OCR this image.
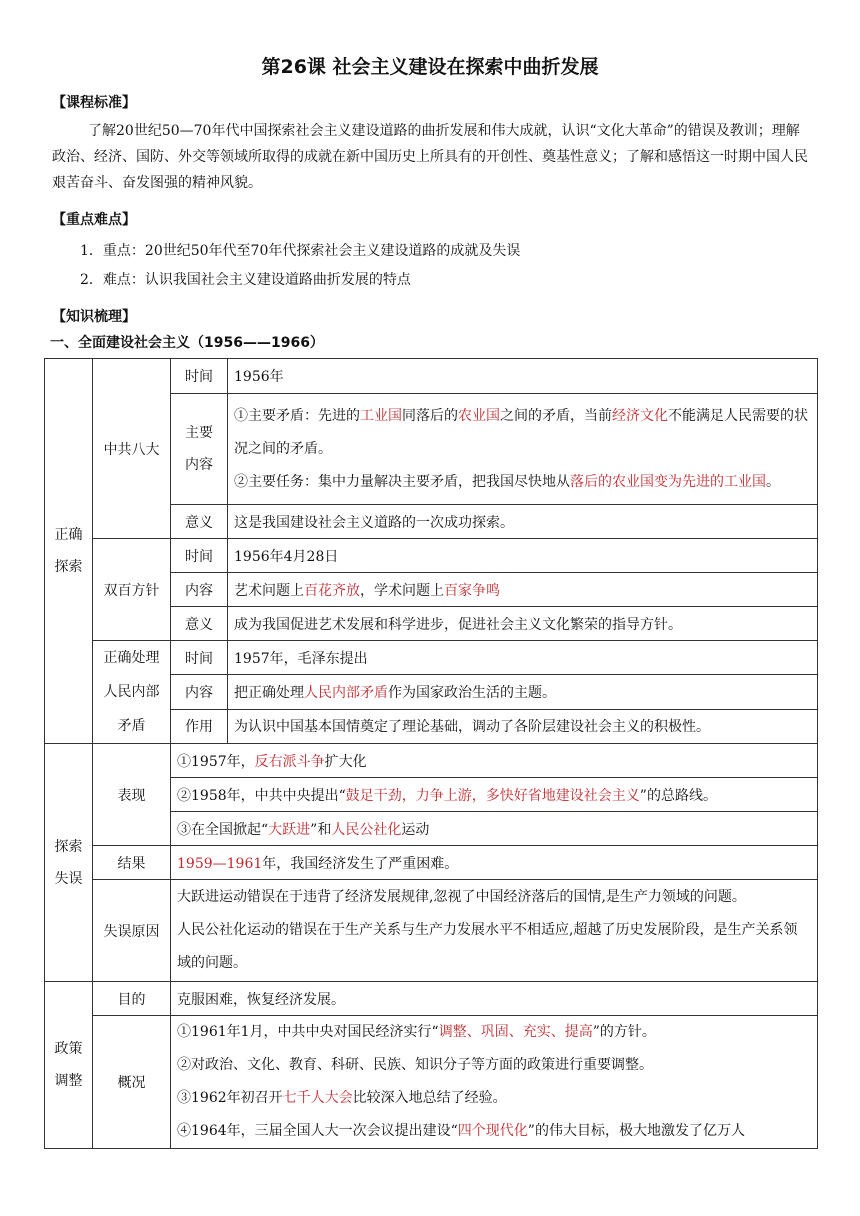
第26课 社会主义建设在探索中曲折发展
【课程标准】
了解20世纪50—70年代中国探索社会主义建设道路的曲折发展和伟大成就，认识“文化大革命”的错误及教训；理解政治、经济、国防、外交等领域所取得的成就在新中国历史上所具有的开创性、奠基性意义；了解和感悟这一时期中国人民艰苦奋斗、奋发图强的精神风貌。
【重点难点】
1．重点：20世纪50年代至70年代探索社会主义建设道路的成就及失误
2．难点：认识我国社会主义建设道路曲折发展的特点
【知识梳理】
一、全面建设社会主义（1956——1966）
正确探索	中共八大	时间	1956年
		主要内容	①主要矛盾：先进的工业国同落后的农业国之间的矛盾，当前经济文化不能满足人民需要的状况之间的矛盾。
②主要任务：集中力量解决主要矛盾，把我国尽快地从落后的农业国变为先进的工业国。

		意义	这是我国建设社会主义道路的一次成功探索。
	双百方针	时间	1956年4月28日
		内容	艺术问题上百花齐放，学术问题上百家争鸣
		意义	成为我国促进艺术发展和科学进步，促进社会主义文化繁荣的指导方针。
	正确处理人民内部矛盾	时间	1957年，毛泽东提出
		内容	把正确处理人民内部矛盾作为国家政治生活的主题。
		作用	为认识中国基本国情奠定了理论基础，调动了各阶层建设社会主义的积极性。
探索失误	表现	①1957年，反右派斗争扩大化	
		②1958年，中共中央提出“鼓足干劲，力争上游，多快好省地建设社会主义”的总路线。	
		③在全国掀起“大跃进”和人民公社化运动	
	结果	1959—1961年，我国经济发生了严重困难。	
	失误原因	大跃进运动错误在于违背了经济发展规律,忽视了中国经济落后的国情,是生产力领域的问题。
人民公社化运动的错误在于生产关系与生产力发展水平不相适应,超越了历史发展阶段，是生产关系领域的问题。	

政策调整	目的	克服困难，恢复经济发展。	
	概况	①1961年1月，中共中央对国民经济实行“调整、巩固、充实、提高”的方针。
②对政治、文化、教育、科研、民族、知识分子等方面的政策进行重要调整。
③1962年初召开七千人大会比较深入地总结了经验。
④1964年，三届全国人大一次会议提出建设“四个现代化”的伟大目标，极大地激发了亿万人	
